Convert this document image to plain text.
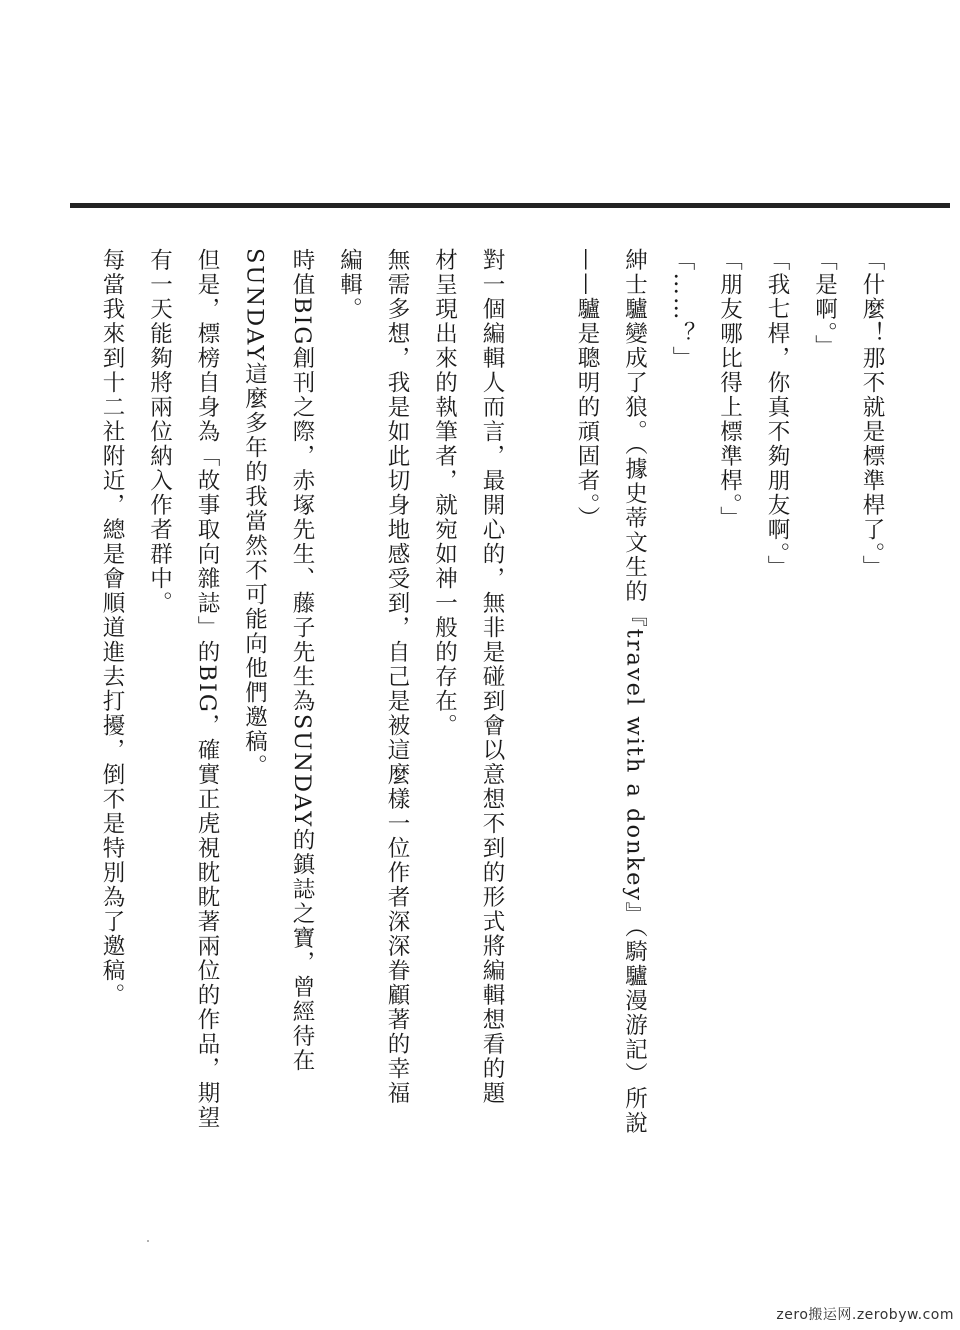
「什麼！那不就是標準桿了。」
「是啊。」
「我七桿，你真不夠朋友啊。」
「朋友哪比得上標準桿。」
「……？」
紳士驢變成了狼。（據史蒂文生的『travel with a donkey』（騎驢漫游記）所說
——驢是聰明的頑固者。）

對一個編輯人而言，最開心的，無非是碰到會以意想不到的形式將編輯想看的題
材呈現出來的執筆者，就宛如神一般的存在。
無需多想，我是如此切身地感受到，自己是被這麼樣一位作者深深眷顧著的幸福
編輯。
時值BIG創刊之際，赤塚先生、藤子先生為SUNDAY的鎮誌之寶，曾經待在
SUNDAY這麼多年的我當然不可能向他們邀稿。
但是，標榜自身為「故事取向雜誌」的BIG，確實正虎視眈眈著兩位的作品，期望
有一天能夠將兩位納入作者群中。
每當我來到十二社附近，總是會順道進去打擾，倒不是特別為了邀稿。
zero搬运网.zerobyw.com
